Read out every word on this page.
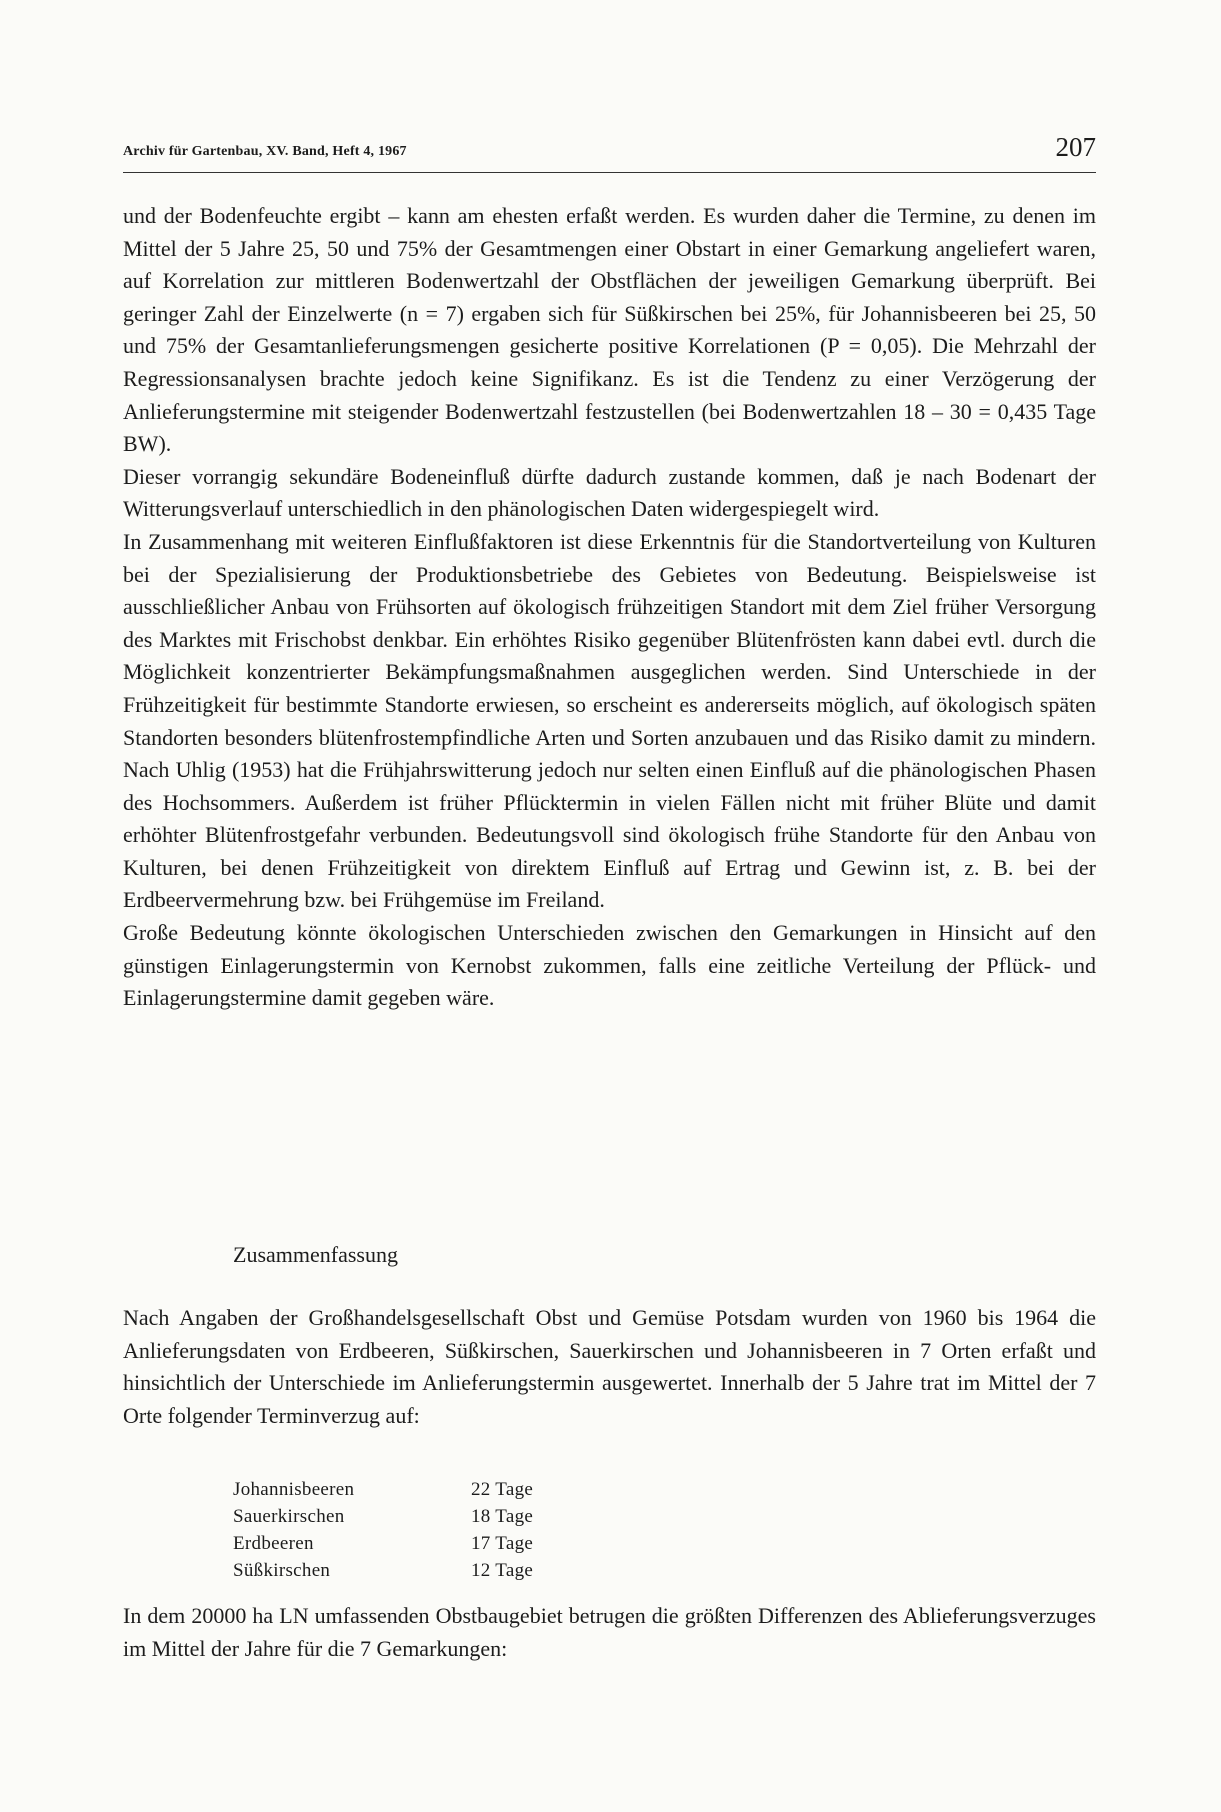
Archiv für Gartenbau, XV. Band, Heft 4, 1967	207

und der Bodenfeuchte ergibt – kann am ehesten erfaßt werden. Es wurden daher die Termine, zu denen im Mittel der 5 Jahre 25, 50 und 75% der Gesamtmengen einer Obstart in einer Gemarkung angeliefert waren, auf Korrelation zur mittleren Bodenwertzahl der Obstflächen der jeweiligen Gemarkung überprüft. Bei geringer Zahl der Einzelwerte (n = 7) ergaben sich für Süßkirschen bei 25%, für Johannisbeeren bei 25, 50 und 75% der Gesamtanlieferungsmengen gesicherte positive Korrelationen (P = 0,05). Die Mehrzahl der Regressionsanalysen brachte jedoch keine Signifikanz. Es ist die Tendenz zu einer Verzögerung der Anlieferungstermine mit steigender Bodenwertzahl festzustellen (bei Bodenwertzahlen 18 – 30 = 0,435 Tage BW).

Dieser vorrangig sekundäre Bodeneinfluß dürfte dadurch zustande kommen, daß je nach Bodenart der Witterungsverlauf unterschiedlich in den phänologischen Daten widergespiegelt wird.

In Zusammenhang mit weiteren Einflußfaktoren ist diese Erkenntnis für die Standortverteilung von Kulturen bei der Spezialisierung der Produktionsbetriebe des Gebietes von Bedeutung. Beispielsweise ist ausschließlicher Anbau von Frühsorten auf ökologisch frühzeitigen Standort mit dem Ziel früher Versorgung des Marktes mit Frischobst denkbar. Ein erhöhtes Risiko gegenüber Blütenfrösten kann dabei evtl. durch die Möglichkeit konzentrierter Bekämpfungsmaßnahmen ausgeglichen werden. Sind Unterschiede in der Frühzeitigkeit für bestimmte Standorte erwiesen, so erscheint es andererseits möglich, auf ökologisch späten Standorten besonders blütenfrostempfindliche Arten und Sorten anzubauen und das Risiko damit zu mindern. Nach Uhlig (1953) hat die Frühjahrswitterung jedoch nur selten einen Einfluß auf die phänologischen Phasen des Hochsommers. Außerdem ist früher Pflücktermin in vielen Fällen nicht mit früher Blüte und damit erhöhter Blütenfrostgefahr verbunden. Bedeutungsvoll sind ökologisch frühe Standorte für den Anbau von Kulturen, bei denen Frühzeitigkeit von direktem Einfluß auf Ertrag und Gewinn ist, z. B. bei der Erdbeervermehrung bzw. bei Frühgemüse im Freiland.

Große Bedeutung könnte ökologischen Unterschieden zwischen den Gemarkungen in Hinsicht auf den günstigen Einlagerungstermin von Kernobst zukommen, falls eine zeitliche Verteilung der Pflück- und Einlagerungstermine damit gegeben wäre.

Zusammenfassung

Nach Angaben der Großhandelsgesellschaft Obst und Gemüse Potsdam wurden von 1960 bis 1964 die Anlieferungsdaten von Erdbeeren, Süßkirschen, Sauerkirschen und Johannisbeeren in 7 Orten erfaßt und hinsichtlich der Unterschiede im Anlieferungstermin ausgewertet. Innerhalb der 5 Jahre trat im Mittel der 7 Orte folgender Terminverzug auf:

Johannisbeeren	22 Tage
Sauerkirschen	18 Tage
Erdbeeren	17 Tage
Süßkirschen	12 Tage

In dem 20000 ha LN umfassenden Obstbaugebiet betrugen die größten Differenzen des Ablieferungsverzuges im Mittel der Jahre für die 7 Gemarkungen:
